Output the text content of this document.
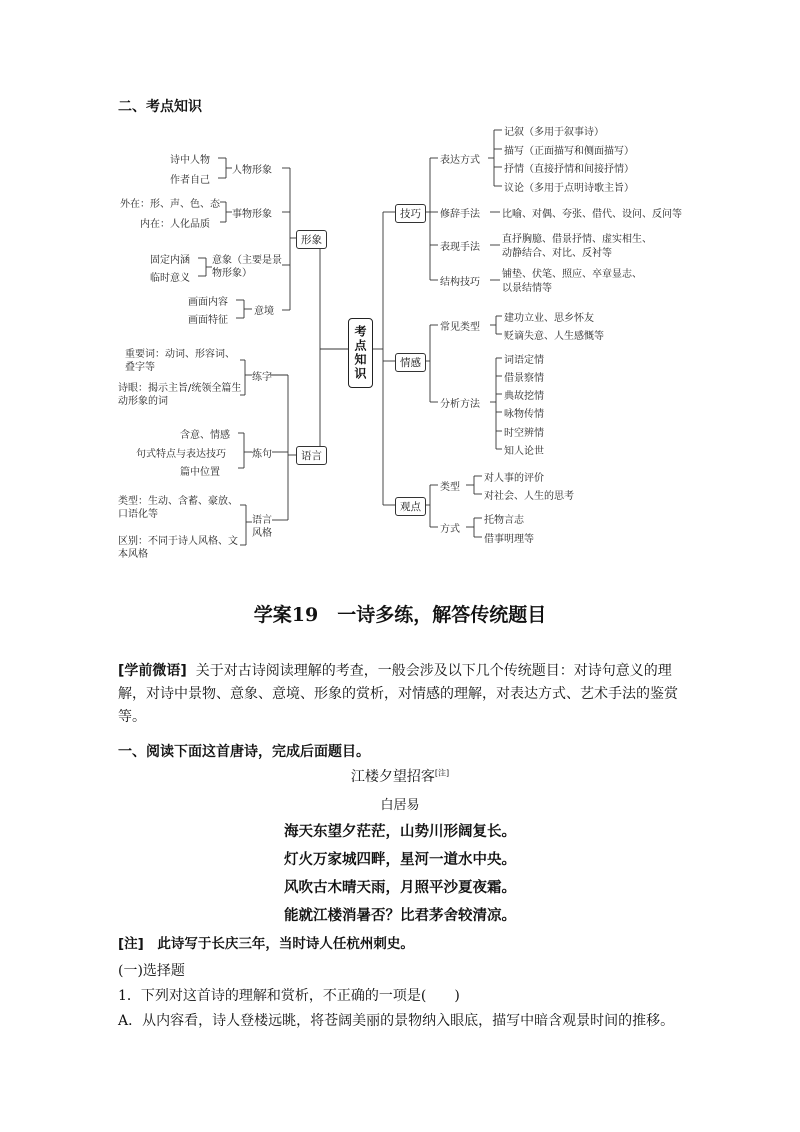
二、考点知识
考点知识
形象
人物形象
诗中人物
作者自己
事物形象
外在：形、声、色、态
内在：人化品质
意象（主要是景物形象）
固定内涵
临时意义
意境
画面内容
画面特征
语言
练字
重要词：动词、形容词、叠字等
诗眼：揭示主旨/统领全篇生动形象的词
炼句
含意、情感
句式特点与表达技巧
篇中位置
语言风格
类型：生动、含蓄、豪放、口语化等
区别：不同于诗人风格、文本风格
技巧
表达方式
记叙（多用于叙事诗）
描写（正面描写和侧面描写）
抒情（直接抒情和间接抒情）
议论（多用于点明诗歌主旨）
修辞手法 比喻、对偶、夸张、借代、设问、反问等
表现手法
直抒胸臆、借景抒情、虚实相生、
动静结合、对比、反衬等
结构技巧
铺垫、伏笔、照应、卒章显志、
以景结情等
情感
常见类型
建功立业、思乡怀友
贬谪失意、人生感慨等
分析方法
词语定情
借景察情
典故挖情
咏物传情
时空辨情
知人论世
观点
类型
对人事的评价
对社会、人生的思考
方式
托物言志
借事明理等
学案19　一诗多练，解答传统题目
[学前微语] 关于对古诗阅读理解的考查，一般会涉及以下几个传统题目：对诗句意义的理解，对诗中景物、意象、意境、形象的赏析，对情感的理解，对表达方式、艺术手法的鉴赏等。
一、阅读下面这首唐诗，完成后面题目。
江楼夕望招客[注]
白居易
海天东望夕茫茫，山势川形阔复长。
灯火万家城四畔，星河一道水中央。
风吹古木晴天雨，月照平沙夏夜霜。
能就江楼消暑否？比君茅舍较清凉。
[注]　此诗写于长庆三年，当时诗人任杭州刺史。
(一)选择题
1．下列对这首诗的理解和赏析，不正确的一项是(　　)
A．从内容看，诗人登楼远眺，将苍阔美丽的景物纳入眼底，描写中暗含观景时间的推移。
